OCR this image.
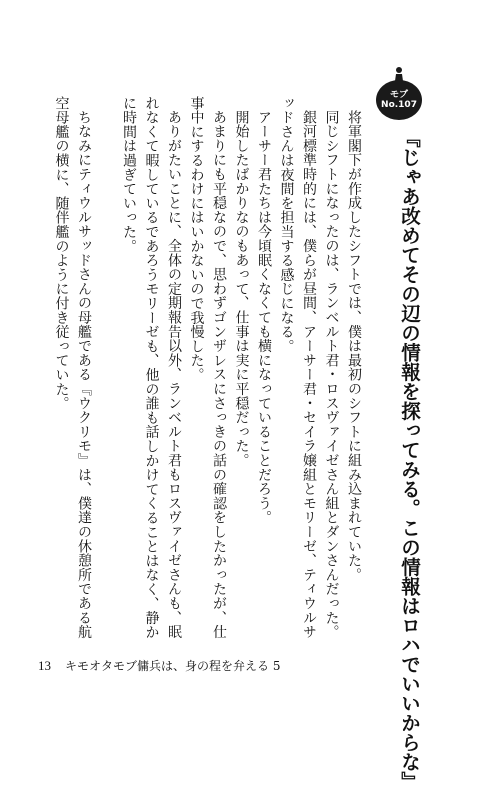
モブ
No.107
『じゃあ改めてその辺の情報を探ってみる。この情報はロハでいいからな』

将軍閣下が作成したシフトでは、僕は最初のシフトに組み込まれていた。

同じシフトになったのは、ランベルト君・ロスヴァイゼさん組とダンさんだった。

銀河標準時的には、僕らが昼間、アーサー君・セイラ嬢組とモリーゼ、ティウルサッドさんは夜間を担当する感じになる。

アーサー君たちは今頃眠くなくても横になっていることだろう。

開始したばかりなのもあって、仕事は実に平穏だった。

あまりにも平穏なので、思わずゴンザレスにさっきの話の確認をしたかったが、仕事中にするわけにはいかないので我慢した。

ありがたいことに、全体の定期報告以外、ランベルト君もロスヴァイゼさんも、眠れなくて暇しているであろうモリーゼも、他の誰も話しかけてくることはなく、静かに時間は過ぎていった。

ちなみにティウルサッドさんの母艦である『ウクリモ』は、僕達の休憩所である航空母艦の横に、随伴艦のように付き従っていた。

13 キモオタモブ傭兵は、身の程を弁える 5
